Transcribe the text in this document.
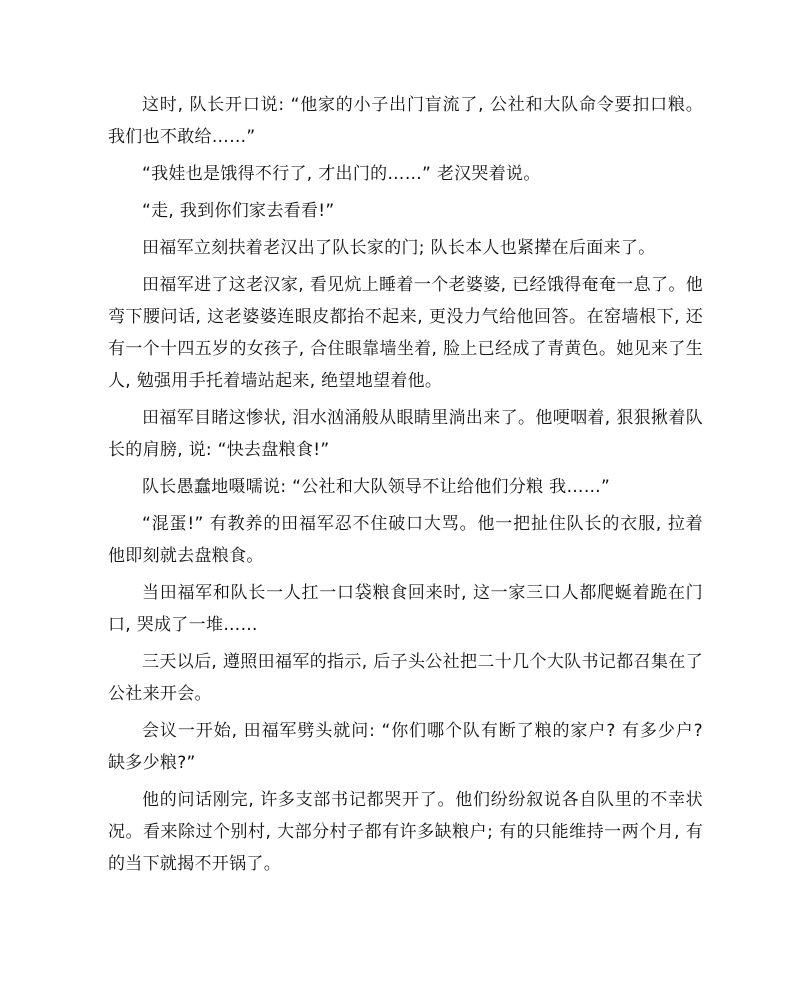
这时, 队长开口说: “他家的小子出门盲流了, 公社和大队命令要扣口粮。我们也不敢给……”

“我娃也是饿得不行了, 才出门的……” 老汉哭着说。

“走, 我到你们家去看看!”

田福军立刻扶着老汉出了队长家的门; 队长本人也紧撵在后面来了。

田福军进了这老汉家, 看见炕上睡着一个老婆婆, 已经饿得奄奄一息了。他弯下腰问话, 这老婆婆连眼皮都抬不起来, 更没力气给他回答。在窑墙根下, 还有一个十四五岁的女孩子, 合住眼靠墙坐着, 脸上已经成了青黄色。她见来了生人, 勉强用手托着墙站起来, 绝望地望着他。

田福军目睹这惨状, 泪水汹涌般从眼睛里淌出来了。他哽咽着, 狠狠揪着队长的肩膀, 说: “快去盘粮食!”

队长愚蠢地嗫嚅说: “公社和大队领导不让给他们分粮 我……”

“混蛋!” 有教养的田福军忍不住破口大骂。他一把扯住队长的衣服, 拉着他即刻就去盘粮食。

当田福军和队长一人扛一口袋粮食回来时, 这一家三口人都爬蜒着跪在门口, 哭成了一堆……

三天以后, 遵照田福军的指示, 后子头公社把二十几个大队书记都召集在了公社来开会。

会议一开始, 田福军劈头就问: “你们哪个队有断了粮的家户? 有多少户? 缺多少粮?”

他的问话刚完, 许多支部书记都哭开了。他们纷纷叙说各自队里的不幸状况。看来除过个别村, 大部分村子都有许多缺粮户; 有的只能维持一两个月, 有的当下就揭不开锅了。
